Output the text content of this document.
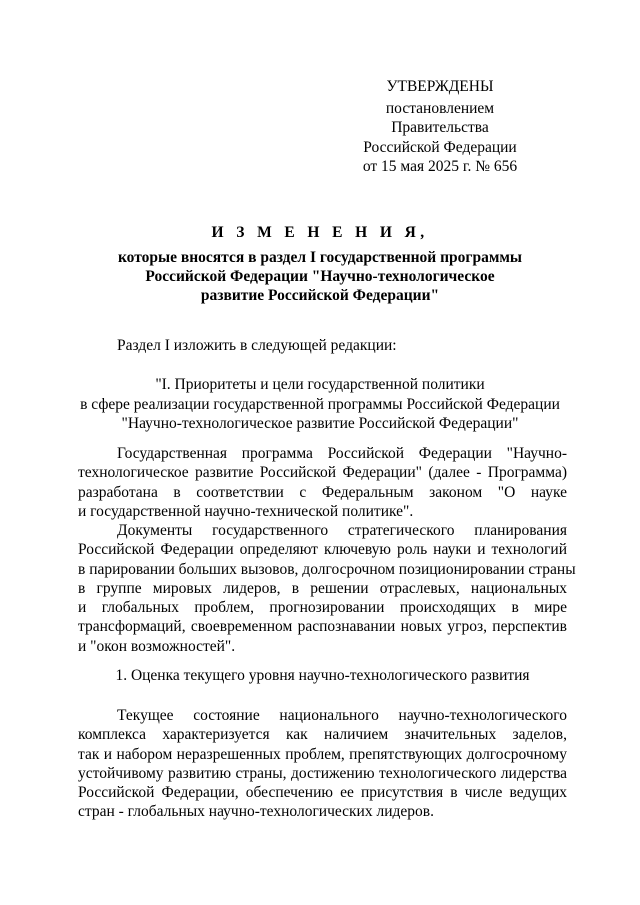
УТВЕРЖДЕНЫ
постановлением Правительства
Российской Федерации
от 15 мая 2025 г. № 656
И З М Е Н Е Н И Я,
которые вносятся в раздел I государственной программы
Российской Федерации "Научно-технологическое
развитие Российской Федерации"
Раздел I изложить в следующей редакции:
"I. Приоритеты и цели государственной политики
в сфере реализации государственной программы Российской Федерации
"Научно-технологическое развитие Российской Федерации"
Государственная программа Российской Федерации "Научно-
технологическое развитие Российской Федерации" (далее - Программа)
разработана в соответствии с Федеральным законом "О науке
и государственной научно-технической политике".
Документы государственного стратегического планирования
Российской Федерации определяют ключевую роль науки и технологий
в парировании больших вызовов, долгосрочном позиционировании страны
в группе мировых лидеров, в решении отраслевых, национальных
и глобальных проблем, прогнозировании происходящих в мире
трансформаций, своевременном распознавании новых угроз, перспектив
и "окон возможностей".
1. Оценка текущего уровня научно-технологического развития
Текущее состояние национального научно-технологического
комплекса характеризуется как наличием значительных заделов,
так и набором неразрешенных проблем, препятствующих долгосрочному
устойчивому развитию страны, достижению технологического лидерства
Российской Федерации, обеспечению ее присутствия в числе ведущих
стран - глобальных научно-технологических лидеров.
